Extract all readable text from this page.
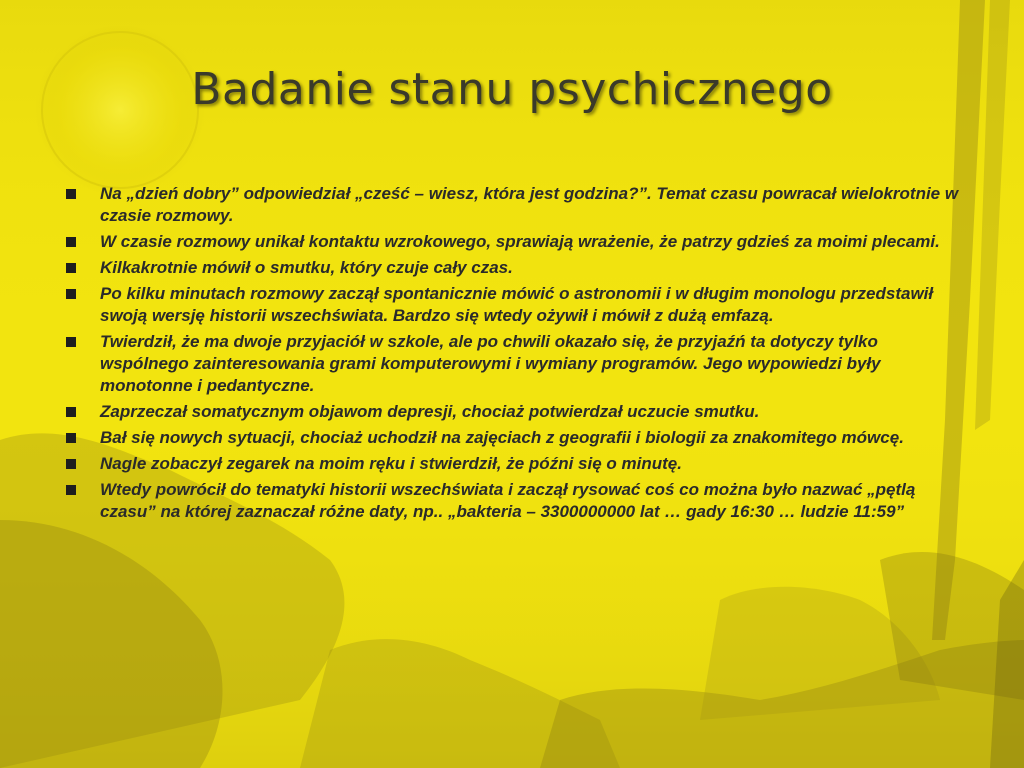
Badanie stanu psychicznego
Na „dzień dobry” odpowiedział „cześć – wiesz, która jest godzina?”. Temat czasu powracał wielokrotnie w czasie rozmowy.
W czasie rozmowy unikał kontaktu wzrokowego, sprawiają wrażenie, że patrzy gdzieś za moimi plecami.
Kilkakrotnie mówił o smutku, który czuje cały czas.
Po kilku minutach rozmowy zaczął spontanicznie mówić o astronomii i w długim monologu przedstawił swoją wersję historii wszechświata. Bardzo się wtedy ożywił i mówił z dużą emfazą.
Twierdził, że ma dwoje przyjaciół w szkole, ale po chwili okazało się, że przyjaźń ta dotyczy tylko wspólnego zainteresowania grami komputerowymi i wymiany programów. Jego wypowiedzi były monotonne i pedantyczne.
Zaprzeczał somatycznym objawom depresji, chociaż potwierdzał uczucie smutku.
Bał się nowych sytuacji, chociaż uchodził na zajęciach z geografii i biologii za znakomitego mówcę.
Nagle zobaczył zegarek na moim ręku i stwierdził, że późni się o minutę.
Wtedy powrócił do tematyki historii wszechświata i zaczął rysować coś co można było nazwać „pętlą czasu” na której zaznaczał różne daty, np.. „bakteria – 3300000000 lat … gady 16:30 … ludzie 11:59”
